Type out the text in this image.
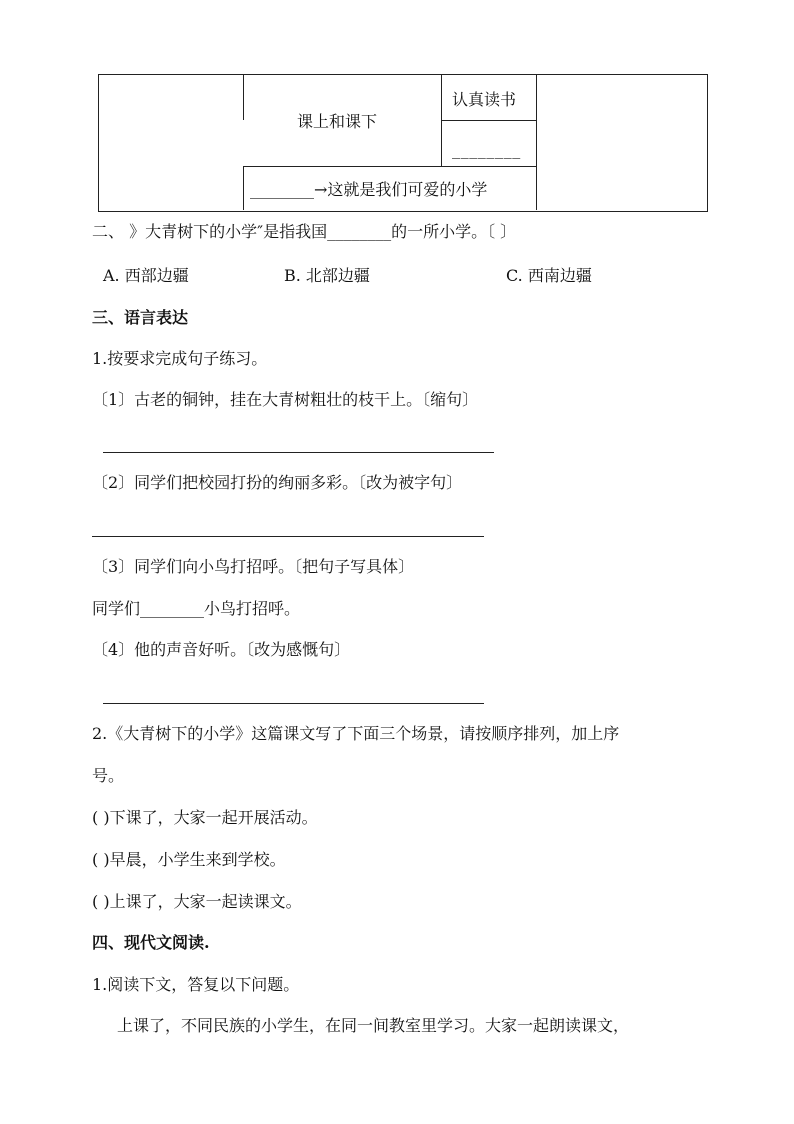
课上和课下
认真读书
________
________→这就是我们可爱的小学
二、 》大青树下的小学″是指我国________的一所小学。〔 〕
A. 西部边疆	B. 北部边疆	C. 西南边疆
三、语言表达
1.按要求完成句子练习。
〔1〕古老的铜钟，挂在大青树粗壮的枝干上。〔缩句〕
〔2〕同学们把校园打扮的绚丽多彩。〔改为被字句〕
〔3〕同学们向小鸟打招呼。〔把句子写具体〕
同学们________小鸟打招呼。
〔4〕他的声音好听。〔改为感慨句〕
2.《大青树下的小学》这篇课文写了下面三个场景，请按顺序排列，加上序
号。
( )下课了，大家一起开展活动。
( )早晨，小学生来到学校。
( )上课了，大家一起读课文。
四、现代文阅读.
1.阅读下文，答复以下问题。
上课了，不同民族的小学生，在同一间教室里学习。大家一起朗读课文，
